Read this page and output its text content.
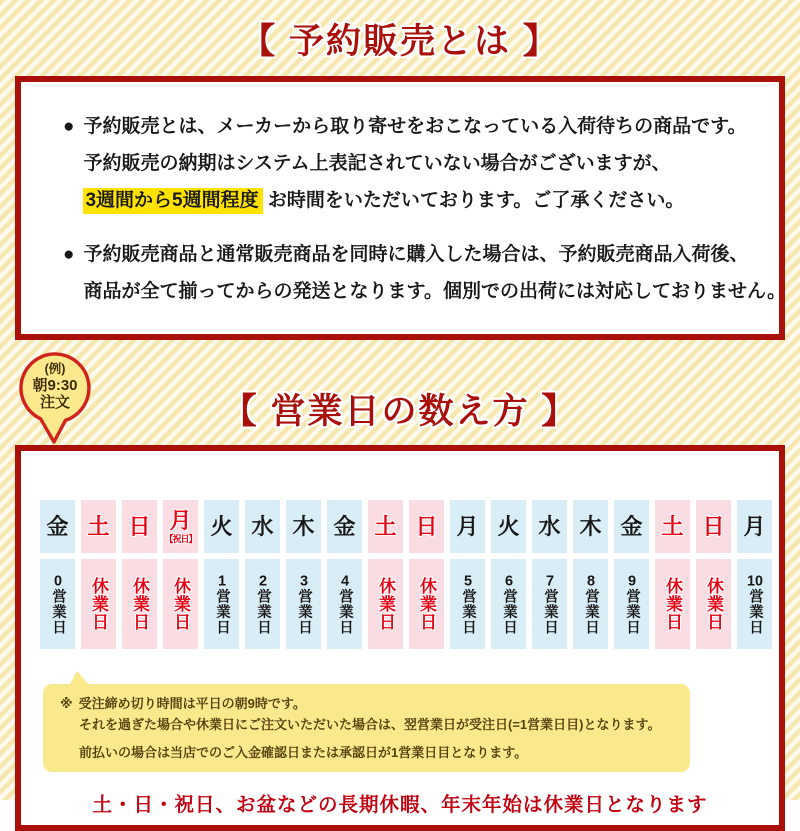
【 予約販売とは 】
● 予約販売とは、メーカーから取り寄せをおこなっている入荷待ちの商品です。
予約販売の納期はシステム上表記されていない場合がございますが、
3週間から5週間程度 お時間をいただいております。ご了承ください。
● 予約販売商品と通常販売商品を同時に購入した場合は、予約販売商品入荷後、
商品が全て揃ってからの発送となります。個別での出荷には対応しておりません。
【 営業日の数え方 】
金
0営業日
土
休業日
日
休業日
月
【祝日】
休業日
火
1営業日
水
2営業日
木
3営業日
金
4営業日
土
休業日
日
休業日
月
5営業日
火
6営業日
水
7営業日
木
8営業日
金
9営業日
土
休業日
日
休業日
月
10営業日
※ 受注締め切り時間は平日の朝9時です。
それを過ぎた場合や休業日にご注文いただいた場合は、翌営業日が受注日(=1営業日目)となります。
前払いの場合は当店でのご入金確認日または承認日が1営業日目となります。
土・日・祝日、お盆などの長期休暇、年末年始は休業日となります
(例)
朝9:30
注文
